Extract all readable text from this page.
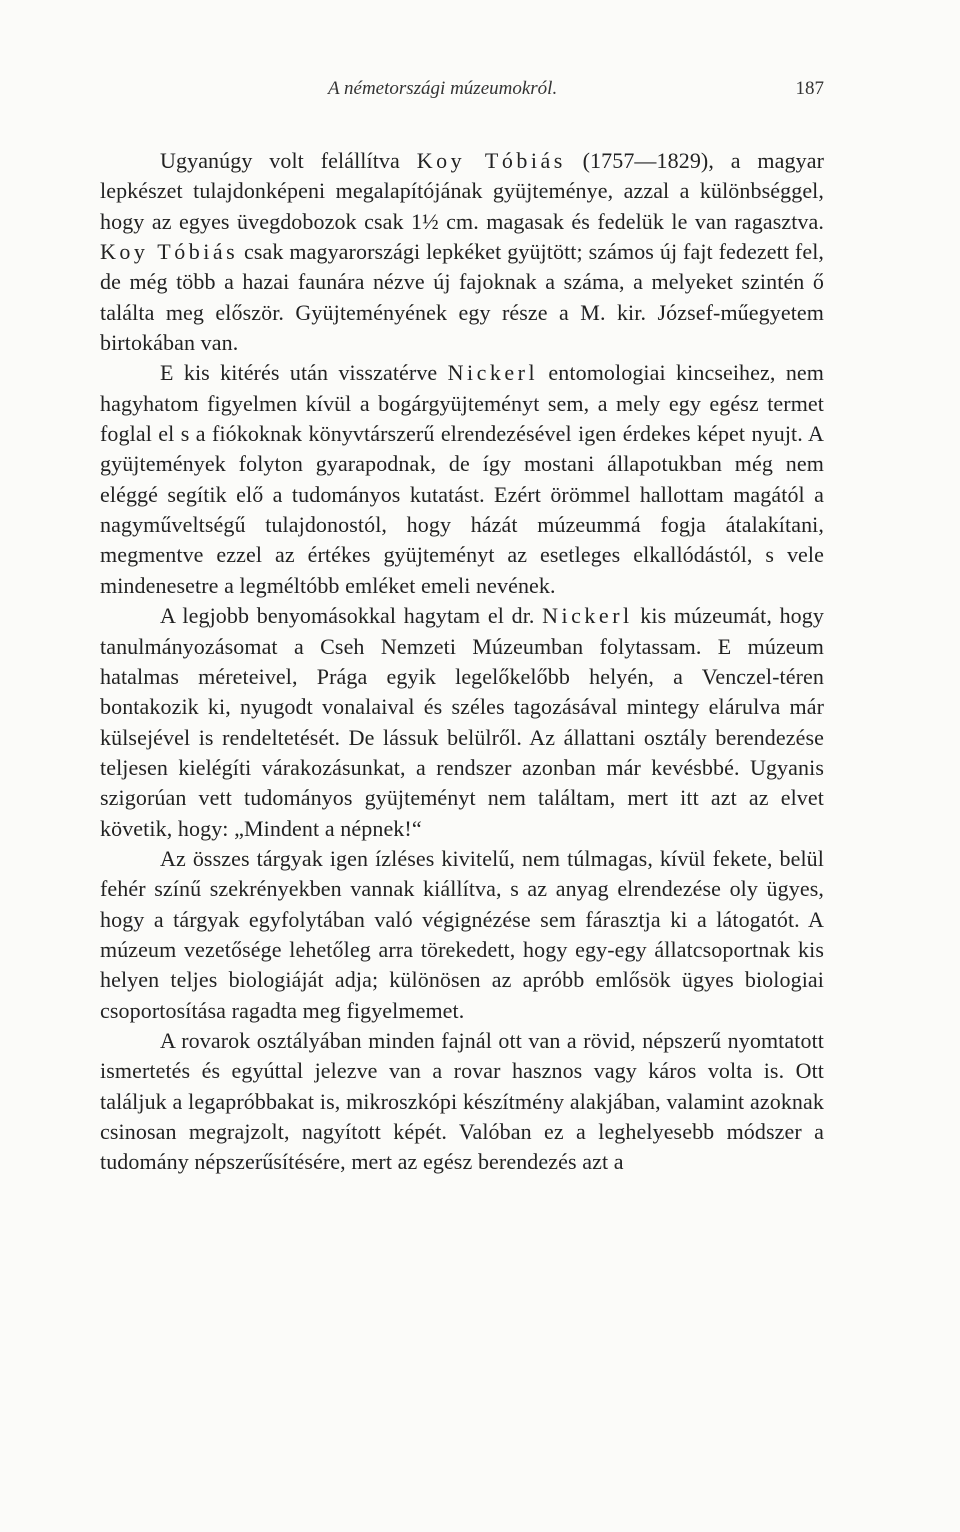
A németországi múzeumokról.	187

Ugyanúgy volt felállítva Koy Tóbiás (1757—1829), a magyar lepkészet tulajdonképeni megalapítójának gyüjteménye, azzal a különbséggel, hogy az egyes üvegdobozok csak 1½ cm. magasak és fedelük le van ragasztva. Koy Tóbiás csak magyarországi lepkéket gyüjtött; számos új fajt fedezett fel, de még több a hazai faunára nézve új fajoknak a száma, a melyeket szintén ő találta meg először. Gyüjteményének egy része a M. kir. József-műegyetem birtokában van.

E kis kitérés után visszatérve Nickerl entomologiai kincseihez, nem hagyhatom figyelmen kívül a bogárgyüjteményt sem, a mely egy egész termet foglal el s a fiókoknak könyvtárszerű elrendezésével igen érdekes képet nyujt. A gyüjtemények folyton gyarapodnak, de így mostani állapotukban még nem eléggé segítik elő a tudományos kutatást. Ezért örömmel hallottam magától a nagyműveltségű tulajdonostól, hogy házát múzeummá fogja átalakítani, megmentve ezzel az értékes gyüjteményt az esetleges elkallódástól, s vele mindenesetre a legméltóbb emléket emeli nevének.

A legjobb benyomásokkal hagytam el dr. Nickerl kis múzeumát, hogy tanulmányozásomat a Cseh Nemzeti Múzeumban folytassam. E múzeum hatalmas méreteivel, Prága egyik legelőkelőbb helyén, a Venczel-téren bontakozik ki, nyugodt vonalaival és széles tagozásával mintegy elárulva már külsejével is rendeltetését. De lássuk belülről. Az állattani osztály berendezése teljesen kielégíti várakozásunkat, a rendszer azonban már kevésbbé. Ugyanis szigorúan vett tudományos gyüjteményt nem találtam, mert itt azt az elvet követik, hogy: „Mindent a népnek!“

Az összes tárgyak igen ízléses kivitelű, nem túlmagas, kívül fekete, belül fehér színű szekrényekben vannak kiállítva, s az anyag elrendezése oly ügyes, hogy a tárgyak egyfolytában való végignézése sem fárasztja ki a látogatót. A múzeum vezetősége lehetőleg arra törekedett, hogy egy-egy állatcsoportnak kis helyen teljes biologiáját adja; különösen az apróbb emlősök ügyes biologiai csoportosítása ragadta meg figyelmemet.

A rovarok osztályában minden fajnál ott van a rövid, népszerű nyomtatott ismertetés és egyúttal jelezve van a rovar hasznos vagy káros volta is. Ott találjuk a legapróbbakat is, mikroszkópi készítmény alakjában, valamint azoknak csinosan megrajzolt, nagyított képét. Valóban ez a leghelyesebb módszer a tudomány népszerűsítésére, mert az egész berendezés azt a
